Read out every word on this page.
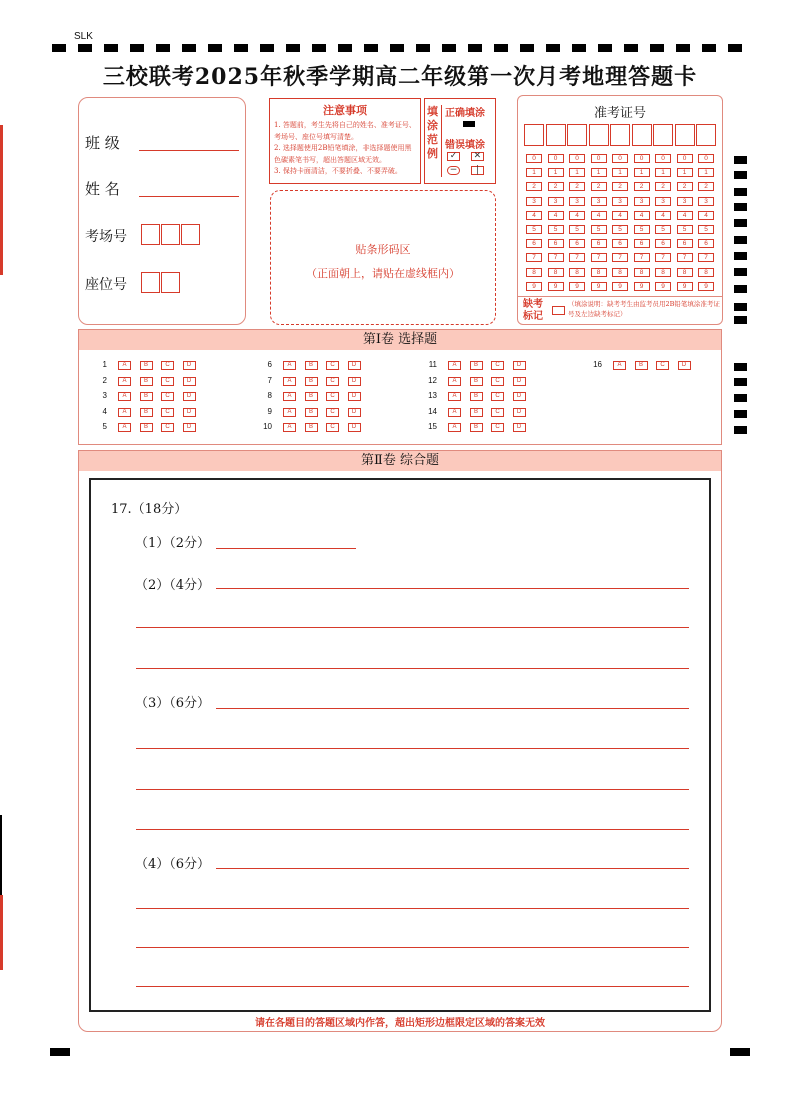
SLK
三校联考2025年秋季学期高二年级第一次月考地理答题卡
班 级
姓 名
考场号
座位号
注意事项
1. 答题前，考生先将自己的姓名、准考证号、考场号、座位号填写清楚。
2. 选择题使用2B铅笔填涂，非选择题使用黑色碳素笔书写，超出答题区域无效。
3. 保持卡面清洁，不要折叠、不要弄破。
填涂范例
正确填涂
错误填涂
✓ ✕
− |
贴条形码区
（正面朝上，请贴在虚线框内）
准考证号
0	0	0	0	0	0	0	0	0
1	1	1	1	1	1	1	1	1
2	2	2	2	2	2	2	2	2
3	3	3	3	3	3	3	3	3
4	4	4	4	4	4	4	4	4
5	5	5	5	5	5	5	5	5
6	6	6	6	6	6	6	6	6
7	7	7	7	7	7	7	7	7
8	8	8	8	8	8	8	8	8
9	9	9	9	9	9	9	9	9
缺考标记
（填涂说明：缺考考生由监考员用2B铅笔填涂准考证号及左边缺考标记）
第Ⅰ卷 选择题
1	A	B	C	D
2	A	B	C	D
3	A	B	C	D
4	A	B	C	D
5	A	B	C	D
6	A	B	C	D
7	A	B	C	D
8	A	B	C	D
9	A	B	C	D
10	A	B	C	D
11	A	B	C	D
12	A	B	C	D
13	A	B	C	D
14	A	B	C	D
15	A	B	C	D
16	A	B	C	D
第Ⅱ卷 综合题
17.（18分）
（1）（2分）
（2）（4分）
（3）（6分）
（4）（6分）
请在各题目的答题区域内作答，超出矩形边框限定区域的答案无效
